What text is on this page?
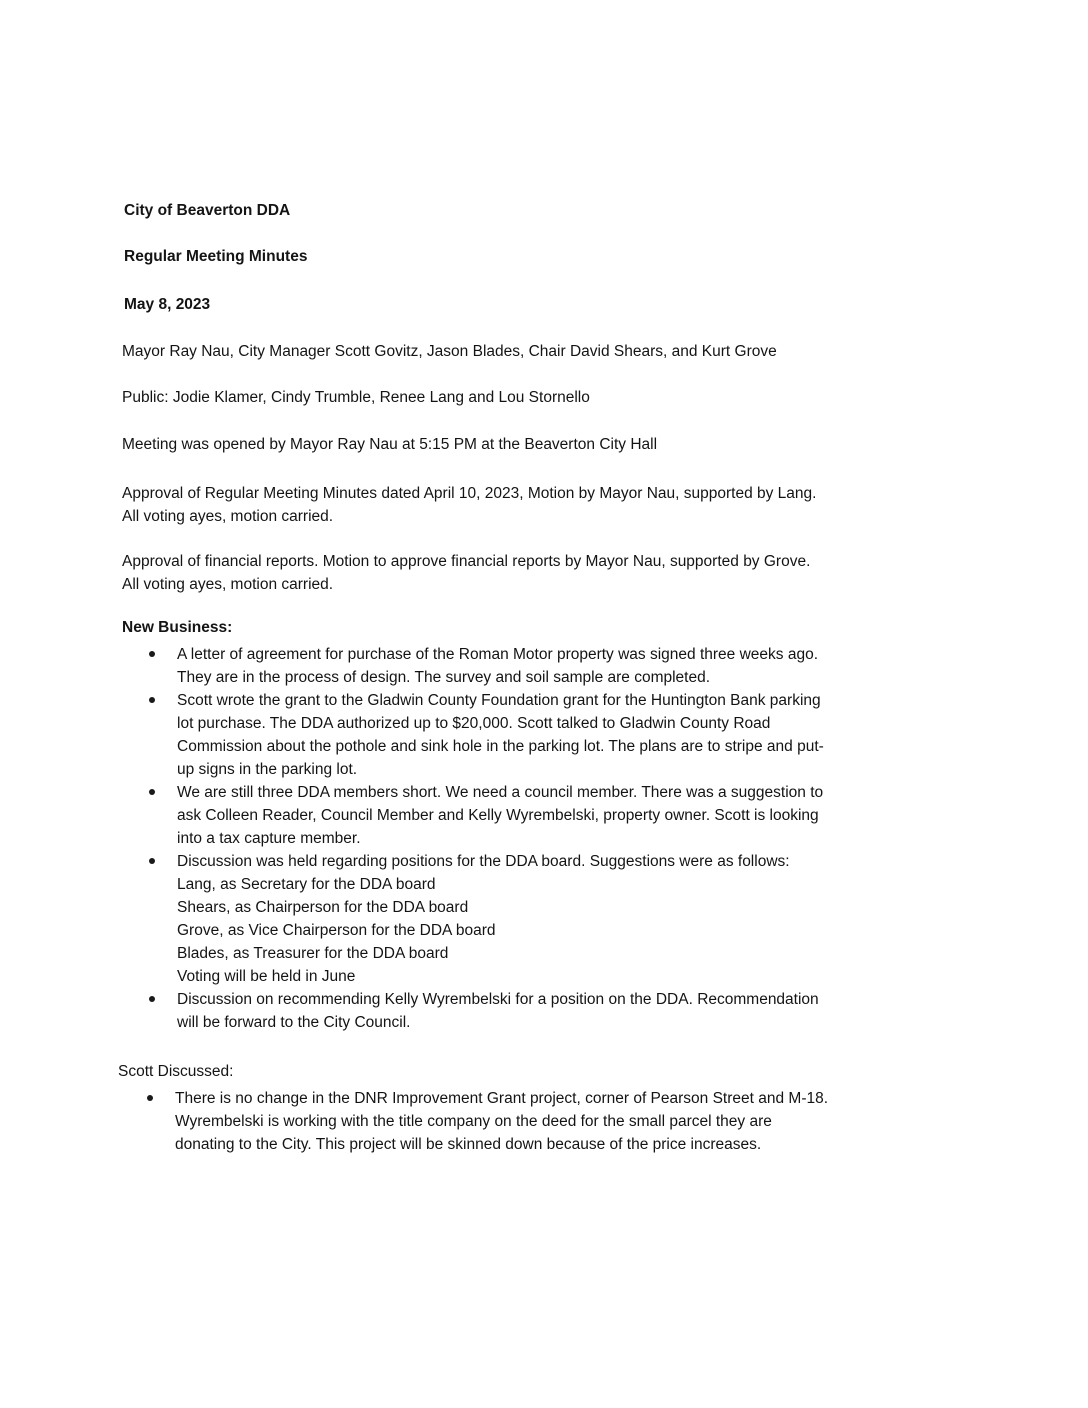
City of Beaverton DDA
Regular Meeting Minutes
May 8, 2023
Mayor Ray Nau, City Manager Scott Govitz, Jason Blades, Chair David Shears, and Kurt Grove
Public: Jodie Klamer, Cindy Trumble, Renee Lang and Lou Stornello
Meeting was opened by Mayor Ray Nau at 5:15 PM at the Beaverton City Hall
Approval of Regular Meeting Minutes dated April 10, 2023, Motion by Mayor Nau, supported by Lang.
All voting ayes, motion carried.
Approval of financial reports. Motion to approve financial reports by Mayor Nau, supported by Grove.
All voting ayes, motion carried.
New Business:
A letter of agreement for purchase of the Roman Motor property was signed three weeks ago.
They are in the process of design. The survey and soil sample are completed.
Scott wrote the grant to the Gladwin County Foundation grant for the Huntington Bank parking
lot purchase. The DDA authorized up to $20,000. Scott talked to Gladwin County Road
Commission about the pothole and sink hole in the parking lot. The plans are to stripe and put-
up signs in the parking lot.
We are still three DDA members short. We need a council member. There was a suggestion to
ask Colleen Reader, Council Member and Kelly Wyrembelski, property owner. Scott is looking
into a tax capture member.
Discussion was held regarding positions for the DDA board. Suggestions were as follows:
Lang, as Secretary for the DDA board
Shears, as Chairperson for the DDA board
Grove, as Vice Chairperson for the DDA board
Blades, as Treasurer for the DDA board
Voting will be held in June
Discussion on recommending Kelly Wyrembelski for a position on the DDA. Recommendation
will be forward to the City Council.
Scott Discussed:
There is no change in the DNR Improvement Grant project, corner of Pearson Street and M-18.
Wyrembelski is working with the title company on the deed for the small parcel they are
donating to the City. This project will be skinned down because of the price increases.
